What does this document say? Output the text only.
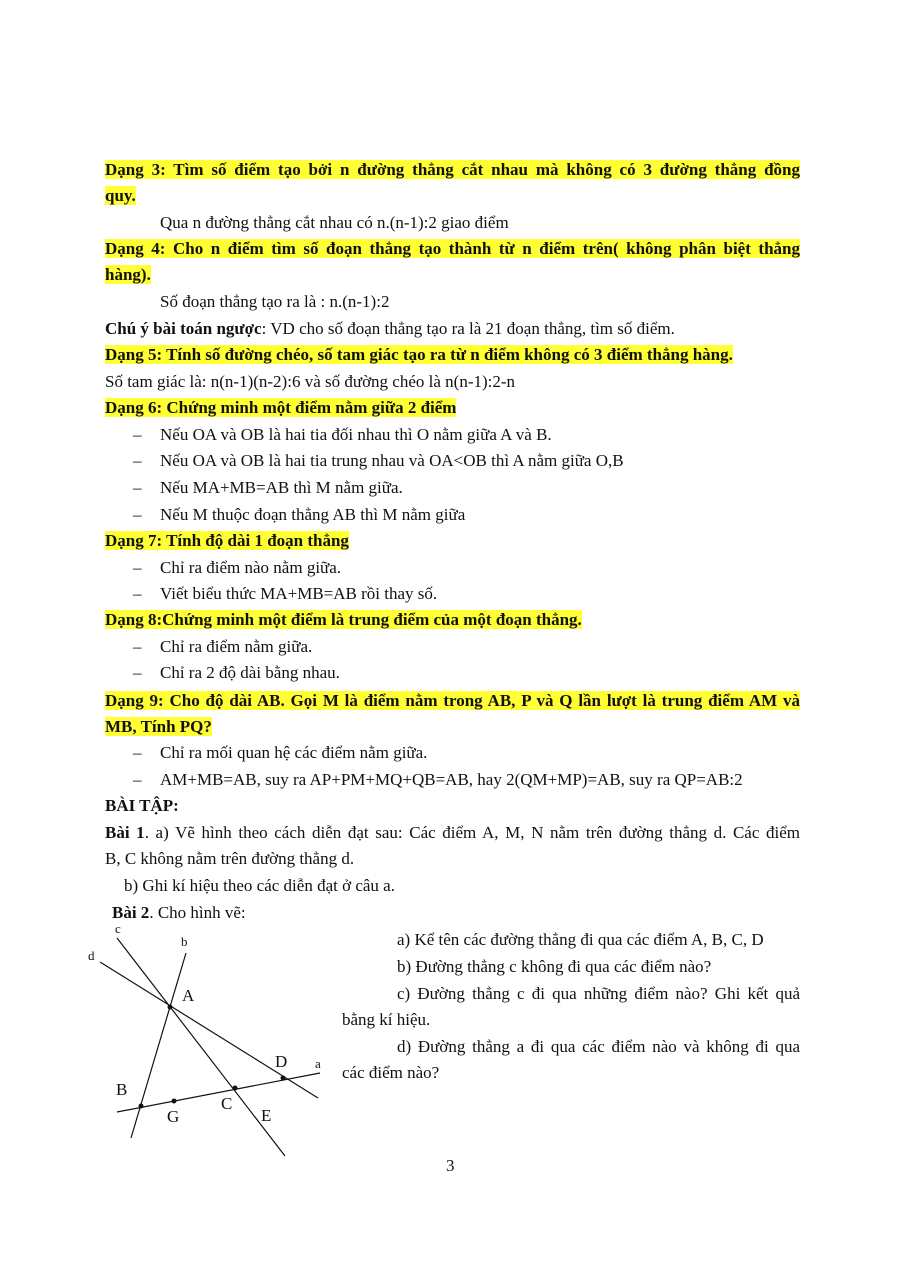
Dạng 3: Tìm số điểm tạo bởi n đường thẳng cắt nhau mà không có 3 đường thẳng đồng
quy.
Qua n đường thẳng cắt nhau có n.(n-1):2 giao điểm
Dạng 4: Cho n điểm tìm số đoạn thẳng tạo thành từ n điểm trên( không phân biệt thẳng
hàng).
Số đoạn thẳng tạo ra là : n.(n-1):2
Chú ý bài toán ngược: VD cho số đoạn thẳng tạo ra là 21 đoạn thẳng, tìm số điểm.
Dạng 5: Tính số đường chéo, số tam giác tạo ra từ n điểm không có 3 điểm thẳng hàng.
Số tam giác là: n(n-1)(n-2):6 và số đường chéo là n(n-1):2-n
Dạng 6: Chứng minh một điểm nằm giữa 2 điểm
– Nếu OA và OB là hai tia đối nhau thì O nằm giữa A và B.
– Nếu OA và OB là hai tia trung nhau và OA<OB thì A nằm giữa O,B
– Nếu MA+MB=AB thì M nằm giữa.
– Nếu M thuộc đoạn thẳng AB thì M nằm giữa
Dạng 7: Tính độ dài 1 đoạn thẳng
– Chỉ ra điểm nào nằm giữa.
– Viết biểu thức MA+MB=AB rồi thay số.
Dạng 8:Chứng minh một điểm là trung điểm của một đoạn thẳng.
– Chỉ ra điểm nằm giữa.
– Chỉ ra 2 độ dài bằng nhau.
Dạng 9: Cho độ dài AB. Gọi M là điểm nằm trong AB, P và Q lần lượt là trung điểm AM và
MB, Tính PQ?
– Chỉ ra mối quan hệ các điểm nằm giữa.
– AM+MB=AB, suy ra AP+PM+MQ+QB=AB, hay 2(QM+MP)=AB, suy ra QP=AB:2
BÀI TẬP:
Bài 1. a) Vẽ hình theo cách diễn đạt sau: Các điểm A, M, N nằm trên đường thẳng d. Các điểm
B, C không nằm trên đường thẳng d.
b) Ghi kí hiệu theo các diễn đạt ở câu a.
Bài 2. Cho hình vẽ:
a) Kể tên các đường thẳng đi qua các điểm A, B, C, D
b) Đường thẳng c không đi qua các điểm nào?
c) Đường thẳng c đi qua những điểm nào? Ghi kết quả
bằng kí hiệu.
d) Đường thẳng a đi qua các điểm nào và không đi qua
các điểm nào?
c
b
d
a
A
B
C
D
E
G
3
